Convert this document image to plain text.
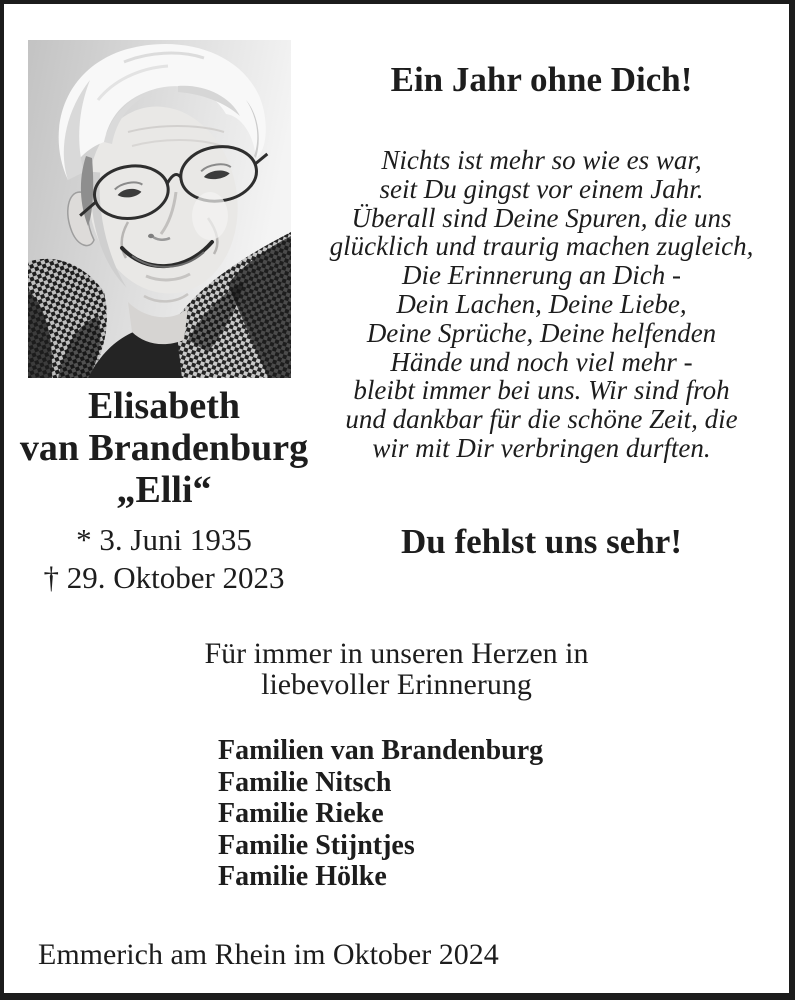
Elisabeth
van Brandenburg
„Elli“
* 3. Juni 1935
† 29. Oktober 2023
Ein Jahr ohne Dich!
Nichts ist mehr so wie es war,
seit Du gingst vor einem Jahr.
Überall sind Deine Spuren, die uns
glücklich und traurig machen zugleich,
Die Erinnerung an Dich -
Dein Lachen, Deine Liebe,
Deine Sprüche, Deine helfenden
Hände und noch viel mehr -
bleibt immer bei uns. Wir sind froh
und dankbar für die schöne Zeit, die
wir mit Dir verbringen durften.
Du fehlst uns sehr!
Für immer in unseren Herzen in
liebevoller Erinnerung
Familien van Brandenburg
Familie Nitsch
Familie Rieke
Familie Stijntjes
Familie Hölke
Emmerich am Rhein im Oktober 2024
